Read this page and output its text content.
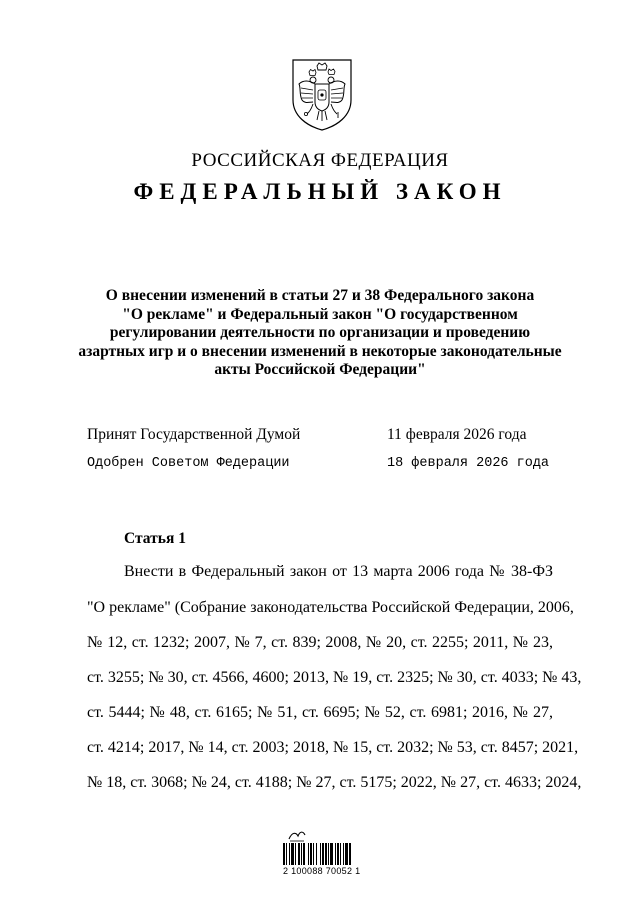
РОССИЙСКАЯ ФЕДЕРАЦИЯ
ФЕДЕРАЛЬНЫЙ ЗАКОН
О внесении изменений в статьи 27 и 38 Федерального закона
"О рекламе" и Федеральный закон "О государственном
регулировании деятельности по организации и проведению
азартных игр и о внесении изменений в некоторые законодательные
акты Российской Федерации"
Принят Государственной Думой	11 февраля 2026 года
Одобрен Советом Федерации	18 февраля 2026 года
Статья 1
Внести в Федеральный закон от 13 марта 2006 года № 38-ФЗ
"О рекламе" (Собрание законодательства Российской Федерации, 2006,
№ 12, ст. 1232; 2007, № 7, ст. 839; 2008, № 20, ст. 2255; 2011, № 23,
ст. 3255; № 30, ст. 4566, 4600; 2013, № 19, ст. 2325; № 30, ст. 4033; № 43,
ст. 5444; № 48, ст. 6165; № 51, ст. 6695; № 52, ст. 6981; 2016, № 27,
ст. 4214; 2017, № 14, ст. 2003; 2018, № 15, ст. 2032; № 53, ст. 8457; 2021,
№ 18, ст. 3068; № 24, ст. 4188; № 27, ст. 5175; 2022, № 27, ст. 4633; 2024,
2 100088 70052 1
